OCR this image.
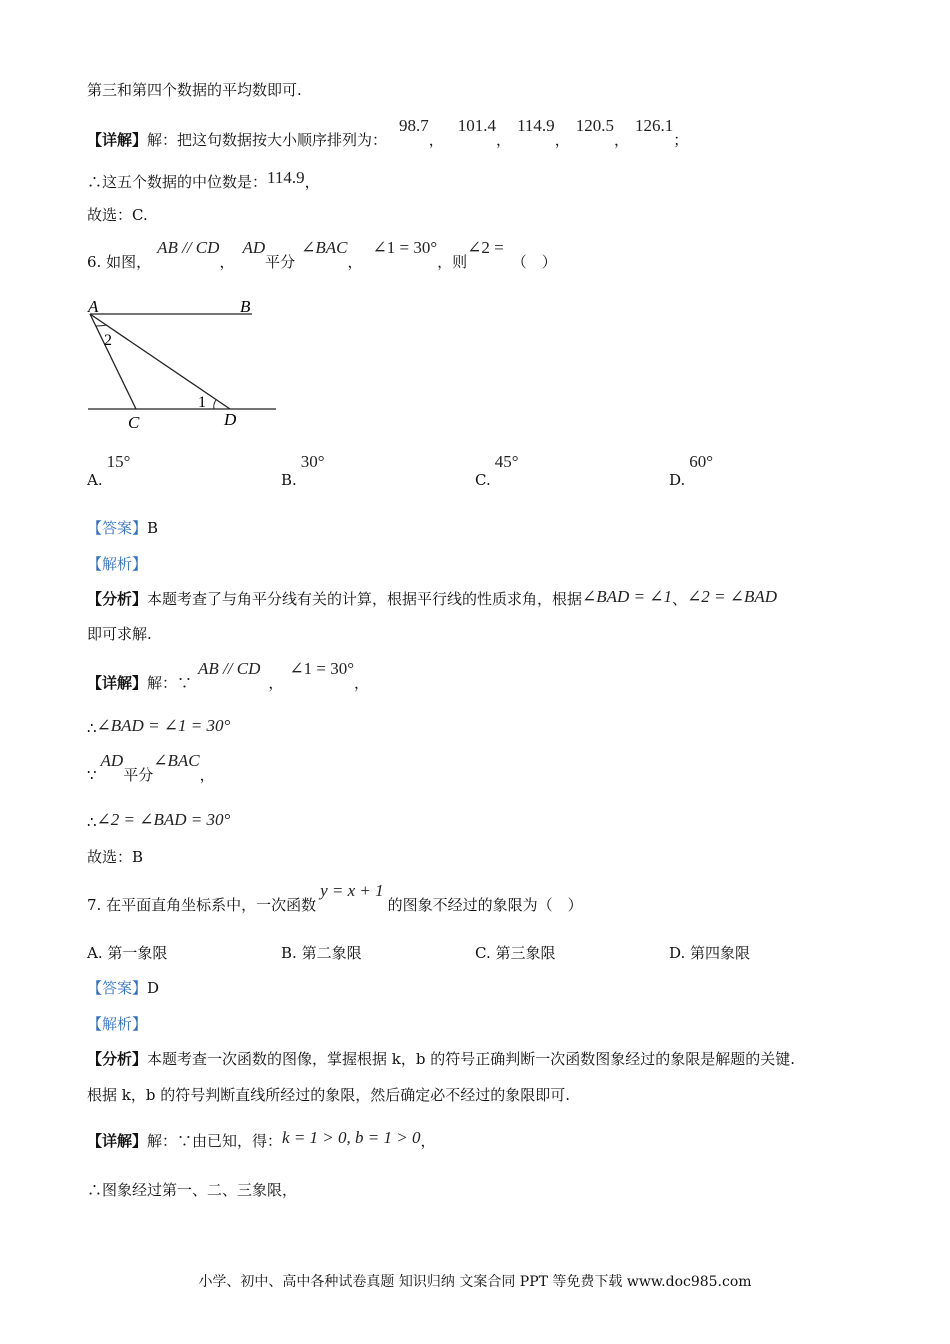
第三和第四个数据的平均数即可.
【详解】解：把这句数据按大小顺序排列为：98.7，101.4，114.9，120.5，126.1；
∴这五个数据的中位数是：114.9，
故选：C.
6. 如图，AB // CD，AD平分∠BAC，∠1 = 30°，则∠2 =（　）
A	B
C	D
2
1
A.15°
B.30°
C.45°
D.60°
【答案】B
【解析】
【分析】本题考查了与角平分线有关的计算，根据平行线的性质求角，根据∠BAD = ∠1、∠2 = ∠BAD
即可求解.
【详解】解：∵AB // CD，∠1 = 30°，
∴∠BAD = ∠1 = 30°
∵AD平分∠BAC，
∴∠2 = ∠BAD = 30°
故选：B
7. 在平面直角坐标系中，一次函数y = x + 1的图象不经过的象限为（　）
A. 第一象限	B. 第二象限	C. 第三象限	D. 第四象限
【答案】D
【解析】
【分析】本题考查一次函数的图像，掌握根据 k，b 的符号正确判断一次函数图象经过的象限是解题的关键.
根据 k，b 的符号判断直线所经过的象限，然后确定必不经过的象限即可.
【详解】解：∵由已知，得：k = 1 > 0, b = 1 > 0，
∴图象经过第一、二、三象限，
小学、初中、高中各种试卷真题 知识归纳 文案合同 PPT 等免费下载 www.doc985.com
